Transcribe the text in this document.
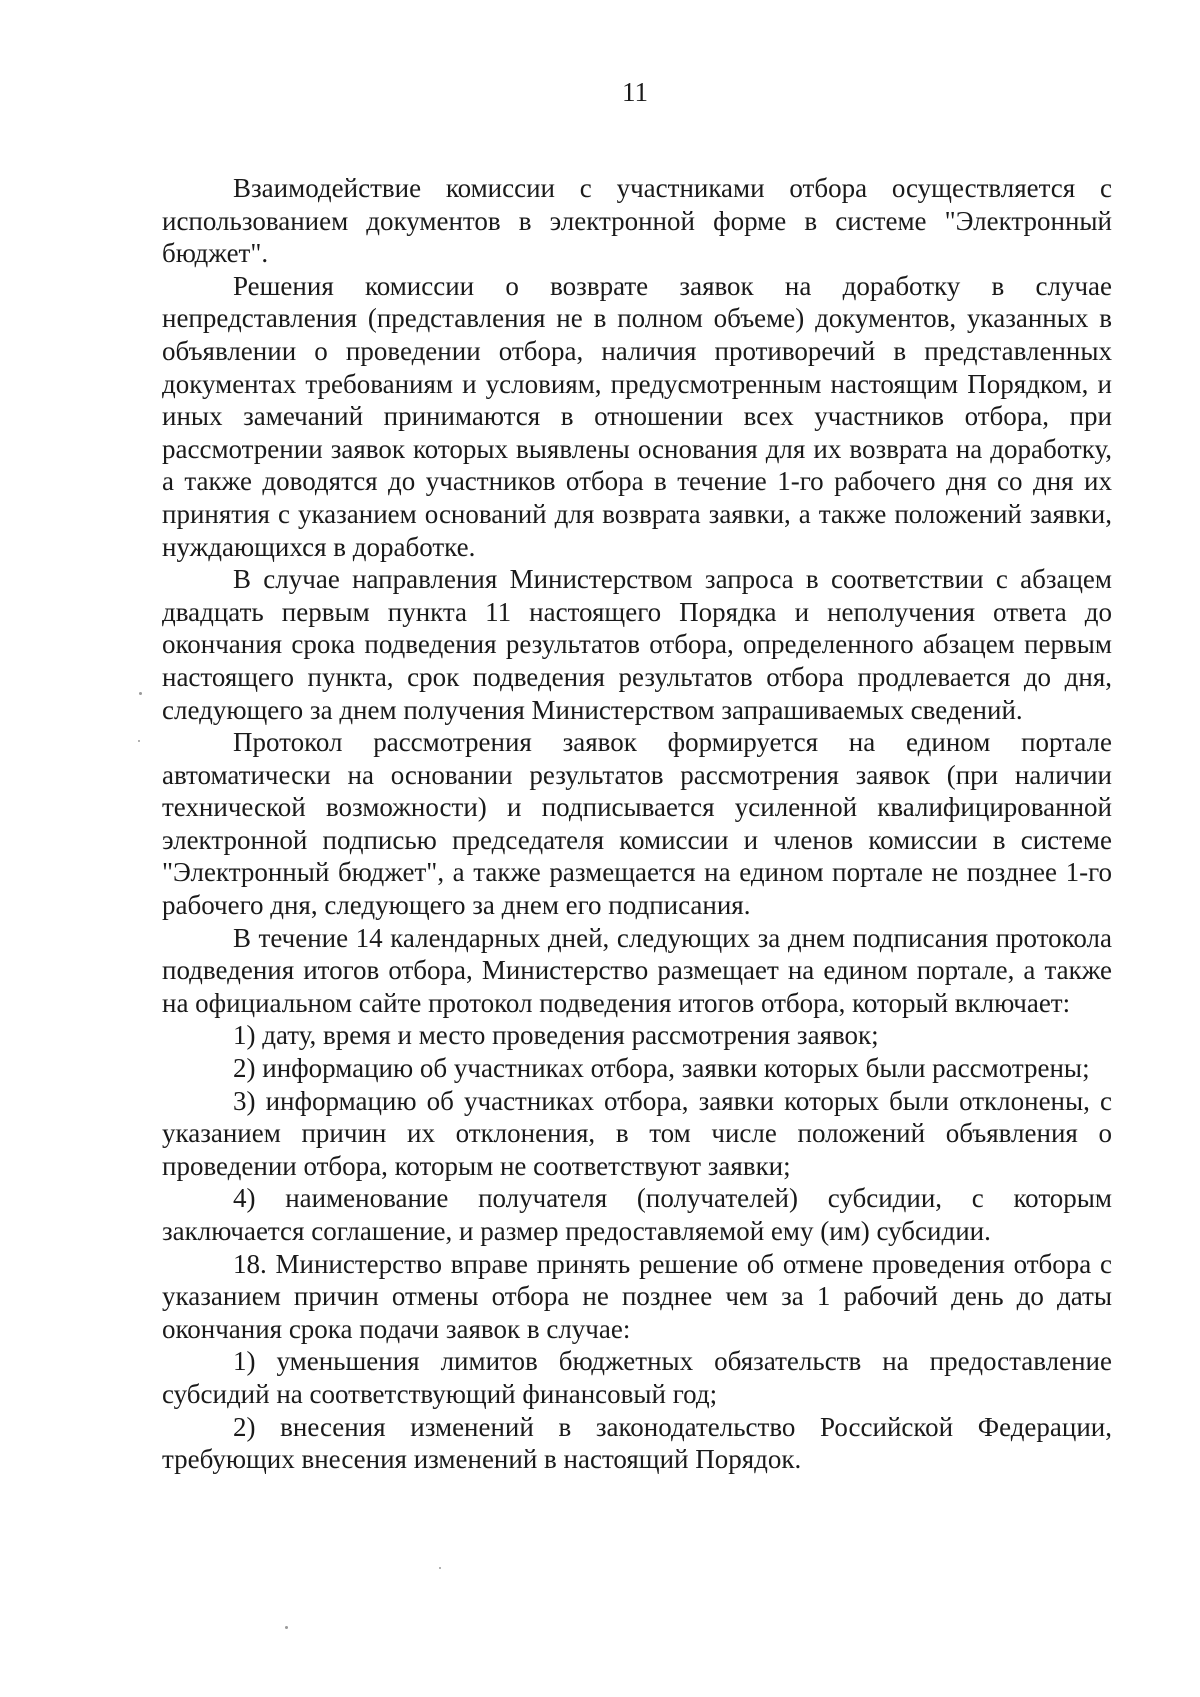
11

Взаимодействие комиссии с участниками отбора осуществляется с использованием документов в электронной форме в системе "Электронный бюджет".

Решения комиссии о возврате заявок на доработку в случае непредставления (представления не в полном объеме) документов, указанных в объявлении о проведении отбора, наличия противоречий в представленных документах требованиям и условиям, предусмотренным настоящим Порядком, и иных замечаний принимаются в отношении всех участников отбора, при рассмотрении заявок которых выявлены основания для их возврата на доработку, а также доводятся до участников отбора в течение 1-го рабочего дня со дня их принятия с указанием оснований для возврата заявки, а также положений заявки, нуждающихся в доработке.

В случае направления Министерством запроса в соответствии с абзацем двадцать первым пункта 11 настоящего Порядка и неполучения ответа до окончания срока подведения результатов отбора, определенного абзацем первым настоящего пункта, срок подведения результатов отбора продлевается до дня, следующего за днем получения Министерством запрашиваемых сведений.

Протокол рассмотрения заявок формируется на едином портале автоматически на основании результатов рассмотрения заявок (при наличии технической возможности) и подписывается усиленной квалифицированной электронной подписью председателя комиссии и членов комиссии в системе "Электронный бюджет", а также размещается на едином портале не позднее 1-го рабочего дня, следующего за днем его подписания.

В течение 14 календарных дней, следующих за днем подписания протокола подведения итогов отбора, Министерство размещает на едином портале, а также на официальном сайте протокол подведения итогов отбора, который включает:

1) дату, время и место проведения рассмотрения заявок;

2) информацию об участниках отбора, заявки которых были рассмотрены;

3) информацию об участниках отбора, заявки которых были отклонены, с указанием причин их отклонения, в том числе положений объявления о проведении отбора, которым не соответствуют заявки;

4) наименование получателя (получателей) субсидии, с которым заключается соглашение, и размер предоставляемой ему (им) субсидии.

18. Министерство вправе принять решение об отмене проведения отбора с указанием причин отмены отбора не позднее чем за 1 рабочий день до даты окончания срока подачи заявок в случае:

1) уменьшения лимитов бюджетных обязательств на предоставление субсидий на соответствующий финансовый год;

2) внесения изменений в законодательство Российской Федерации, требующих внесения изменений в настоящий Порядок.
